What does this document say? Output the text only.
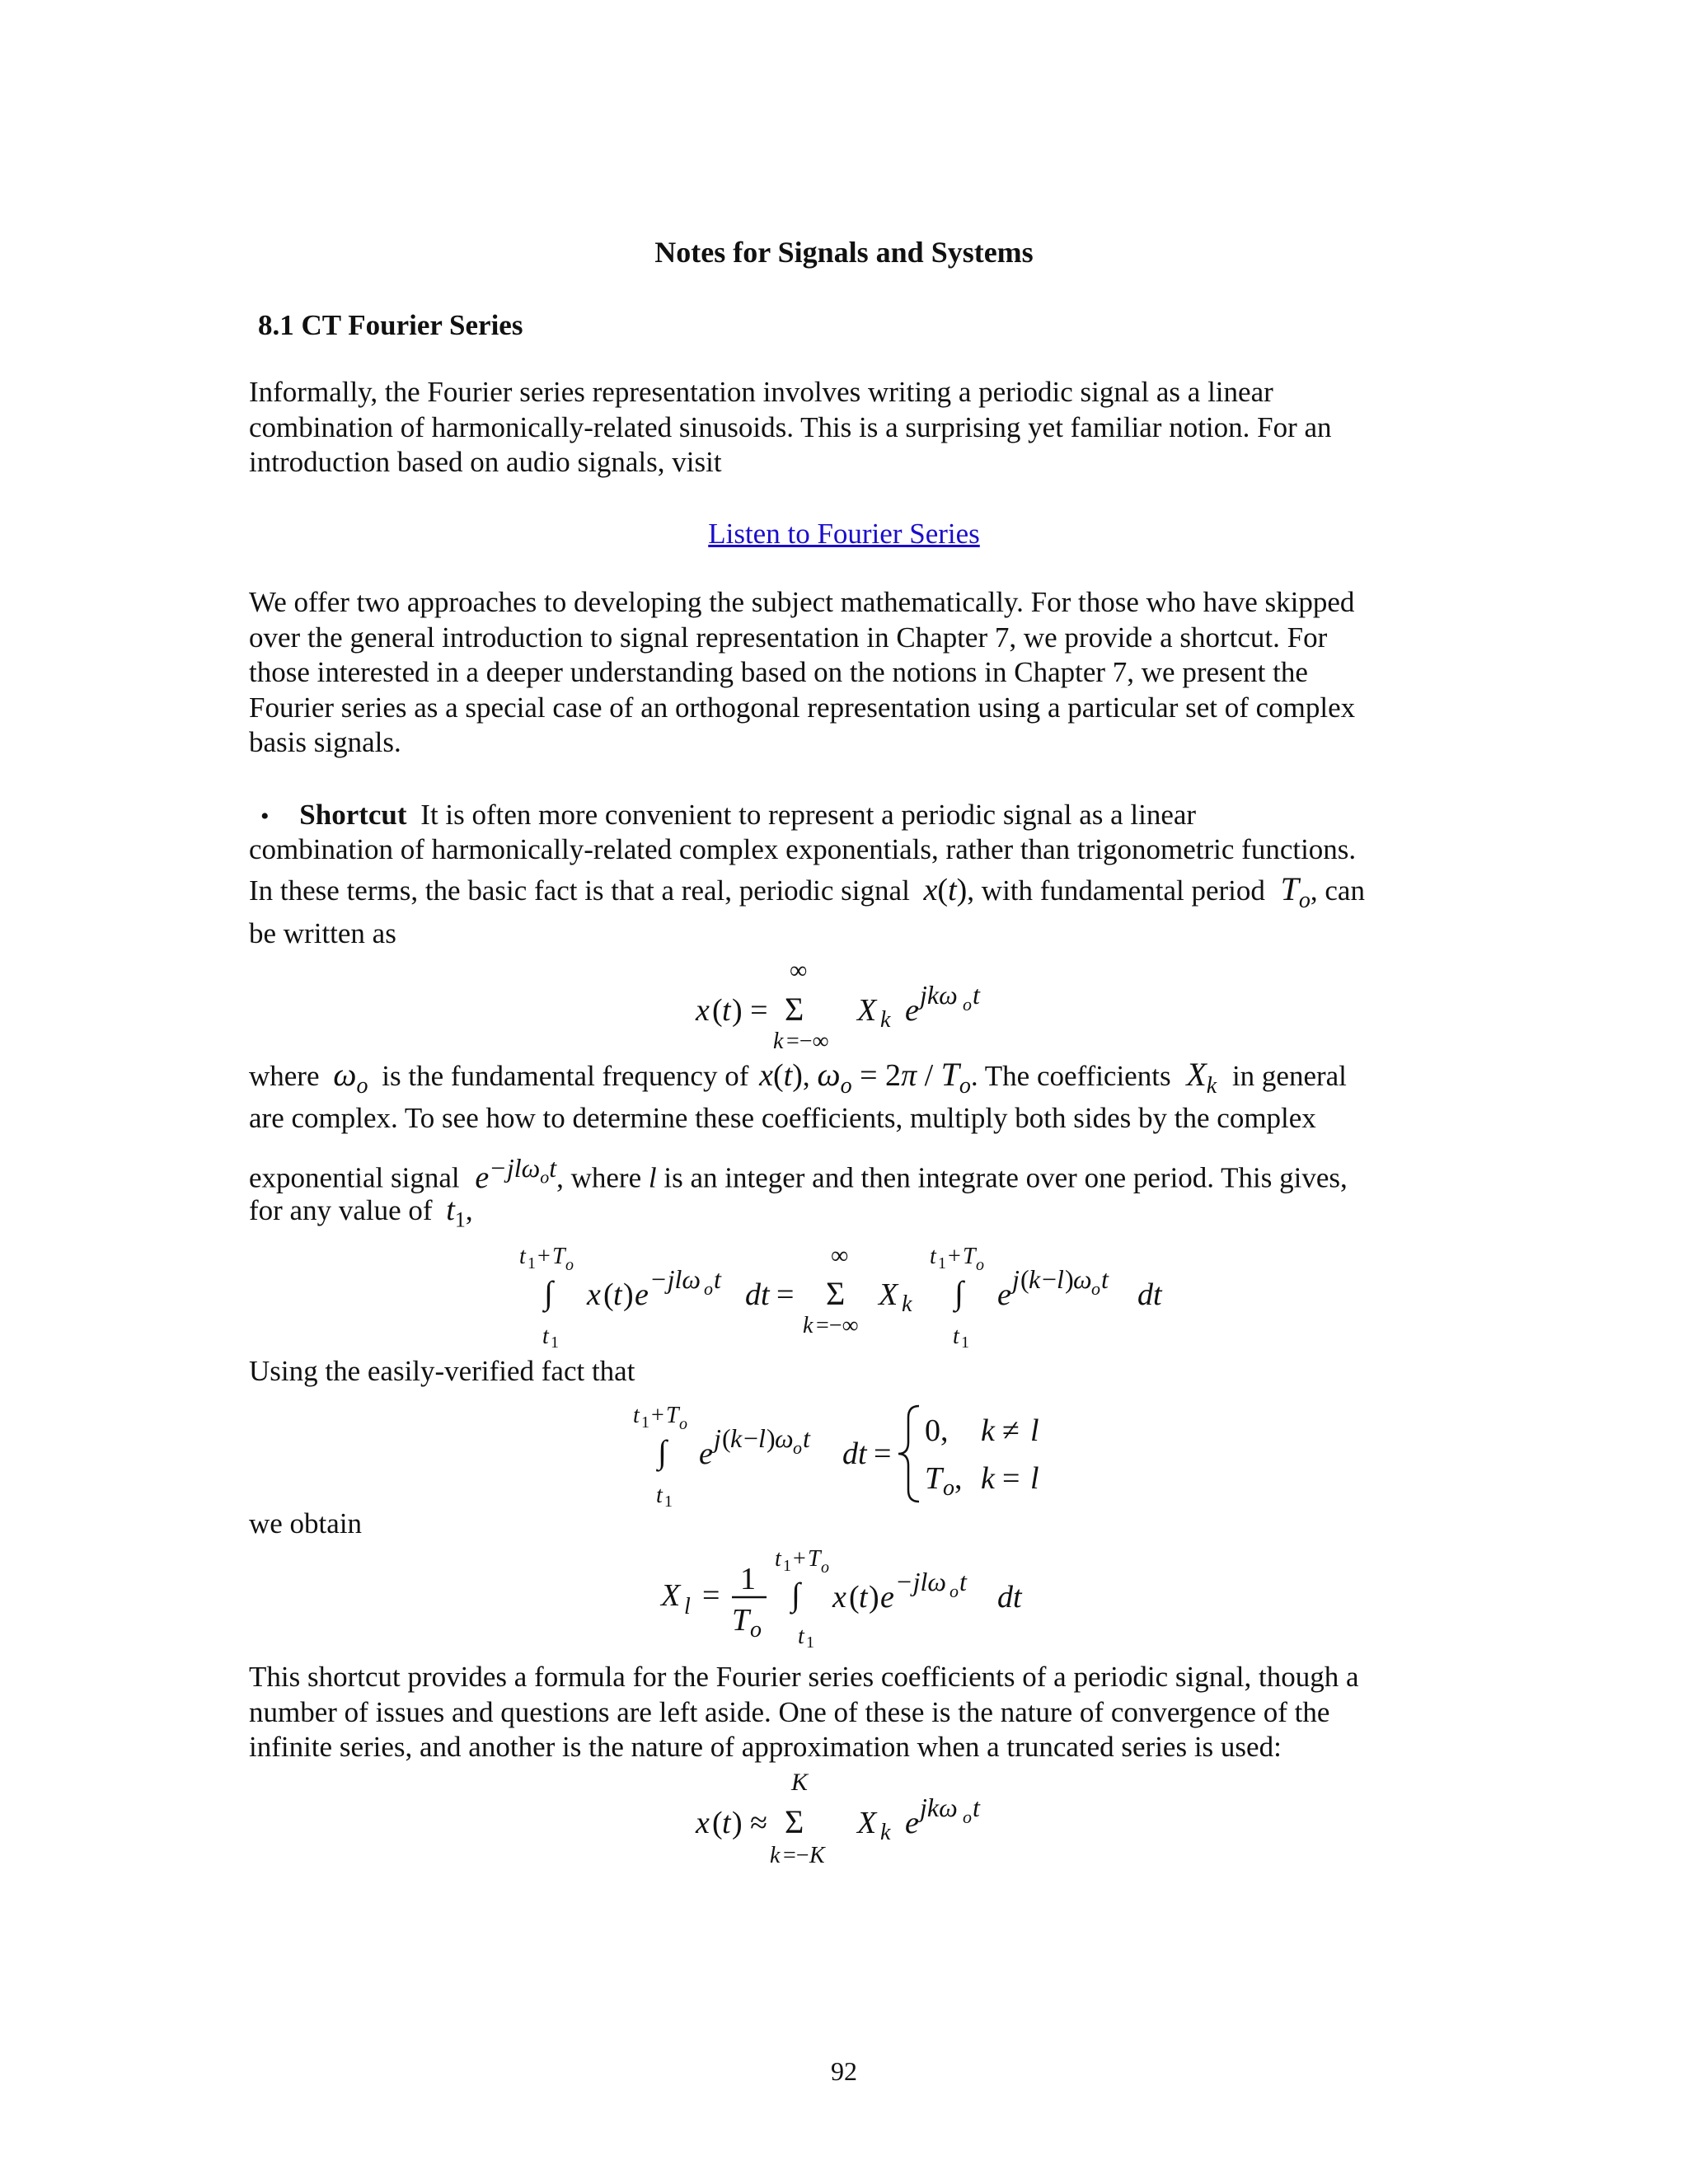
Notes for Signals and Systems
8.1 CT Fourier Series
Informally, the Fourier series representation involves writing a periodic signal as a linear
combination of harmonically-related sinusoids. This is a surprising yet familiar notion. For an
introduction based on audio signals, visit
Listen to Fourier Series
We offer two approaches to developing the subject mathematically. For those who have skipped
over the general introduction to signal representation in Chapter 7, we provide a shortcut. For
those interested in a deeper understanding based on the notions in Chapter 7, we present the
Fourier series as a special case of an orthogonal representation using a particular set of complex
basis signals.
• Shortcut It is often more convenient to represent a periodic signal as a linear
combination of harmonically-related complex exponentials, rather than trigonometric functions.
In these terms, the basic fact is that a real, periodic signal x(t), with fundamental period $T_o$, can
be written as
∞
x ( t ) = Σ
k =−∞
X k e jkω o t
where $\omega_o$ is the fundamental frequency of x(t), $\omega_o = 2\pi / T_o$. The coefficients $X_k$ in general
are complex. To see how to determine these coefficients, multiply both sides by the complex
exponential signal $e^{-jl\omega_ot}$, where l is an integer and then integrate over one period. This gives,
for any value of $t_1$,
t 1 + T o
∫
t 1
x ( t ) e −jlω o t dt =
∞
Σ
k =−∞
X k
t 1 + T o
∫
t 1
e j ( k − l ) ω o t dt
Using the easily-verified fact that
t 1 + T o
∫
t 1
e j ( k − l ) ω o t dt =
0, k ≠ l
T o , k = l
we obtain
X l = 1
T o
t 1 + T o
∫
t 1
x ( t ) e −jlω o t dt
This shortcut provides a formula for the Fourier series coefficients of a periodic signal, though a
number of issues and questions are left aside. One of these is the nature of convergence of the
infinite series, and another is the nature of approximation when a truncated series is used:
K
x ( t ) ≈ Σ
k =− K
X k e jkω o t
92
